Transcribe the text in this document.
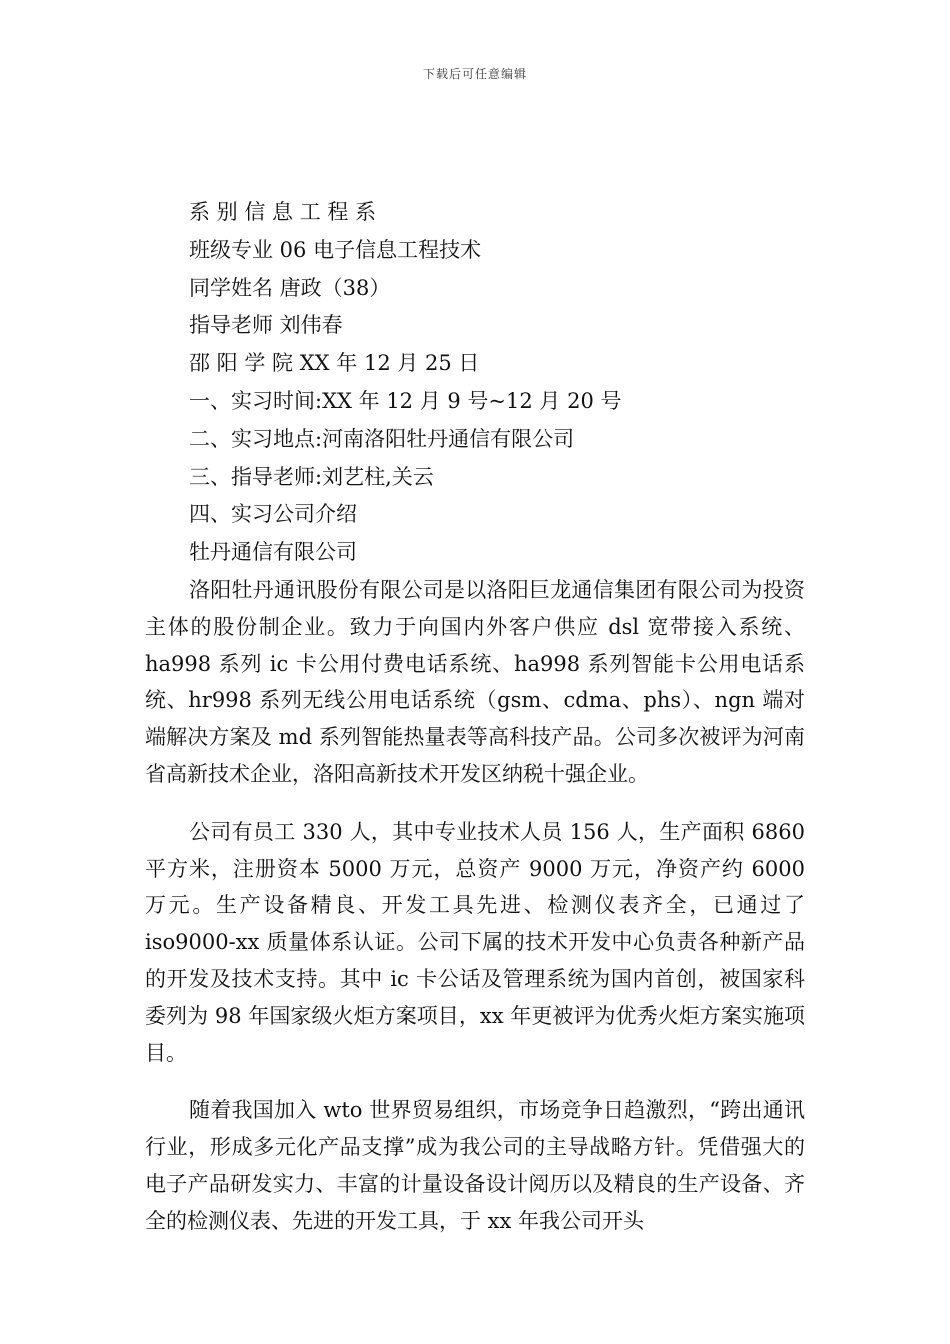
下载后可任意编辑
系 别 信 息 工 程 系
班级专业 06 电子信息工程技术
同学姓名 唐政（38）
指导老师 刘伟春
邵 阳 学 院 XX 年 12 月 25 日
一、实习时间:XX 年 12 月 9 号~12 月 20 号
二、实习地点:河南洛阳牡丹通信有限公司
三、指导老师:刘艺柱,关云
四、实习公司介绍
牡丹通信有限公司

洛阳牡丹通讯股份有限公司是以洛阳巨龙通信集团有限公司为投资主体的股份制企业。致力于向国内外客户供应 dsl 宽带接入系统、ha998 系列 ic 卡公用付费电话系统、ha998 系列智能卡公用电话系统、hr998 系列无线公用电话系统（gsm、cdma、phs）、ngn 端对端解决方案及 md 系列智能热量表等高科技产品。公司多次被评为河南省高新技术企业，洛阳高新技术开发区纳税十强企业。

公司有员工 330 人，其中专业技术人员 156 人，生产面积 6860 平方米，注册资本 5000 万元，总资产 9000 万元，净资产约 6000 万元。生产设备精良、开发工具先进、检测仪表齐全，已通过了 iso9000-xx 质量体系认证。公司下属的技术开发中心负责各种新产品的开发及技术支持。其中 ic 卡公话及管理系统为国内首创，被国家科委列为 98 年国家级火炬方案项目，xx 年更被评为优秀火炬方案实施项目。

随着我国加入 wto 世界贸易组织，市场竞争日趋激烈，“跨出通讯行业，形成多元化产品支撑”成为我公司的主导战略方针。凭借强大的电子产品研发实力、丰富的计量设备设计阅历以及精良的生产设备、齐全的检测仪表、先进的开发工具，于 xx 年我公司开头
